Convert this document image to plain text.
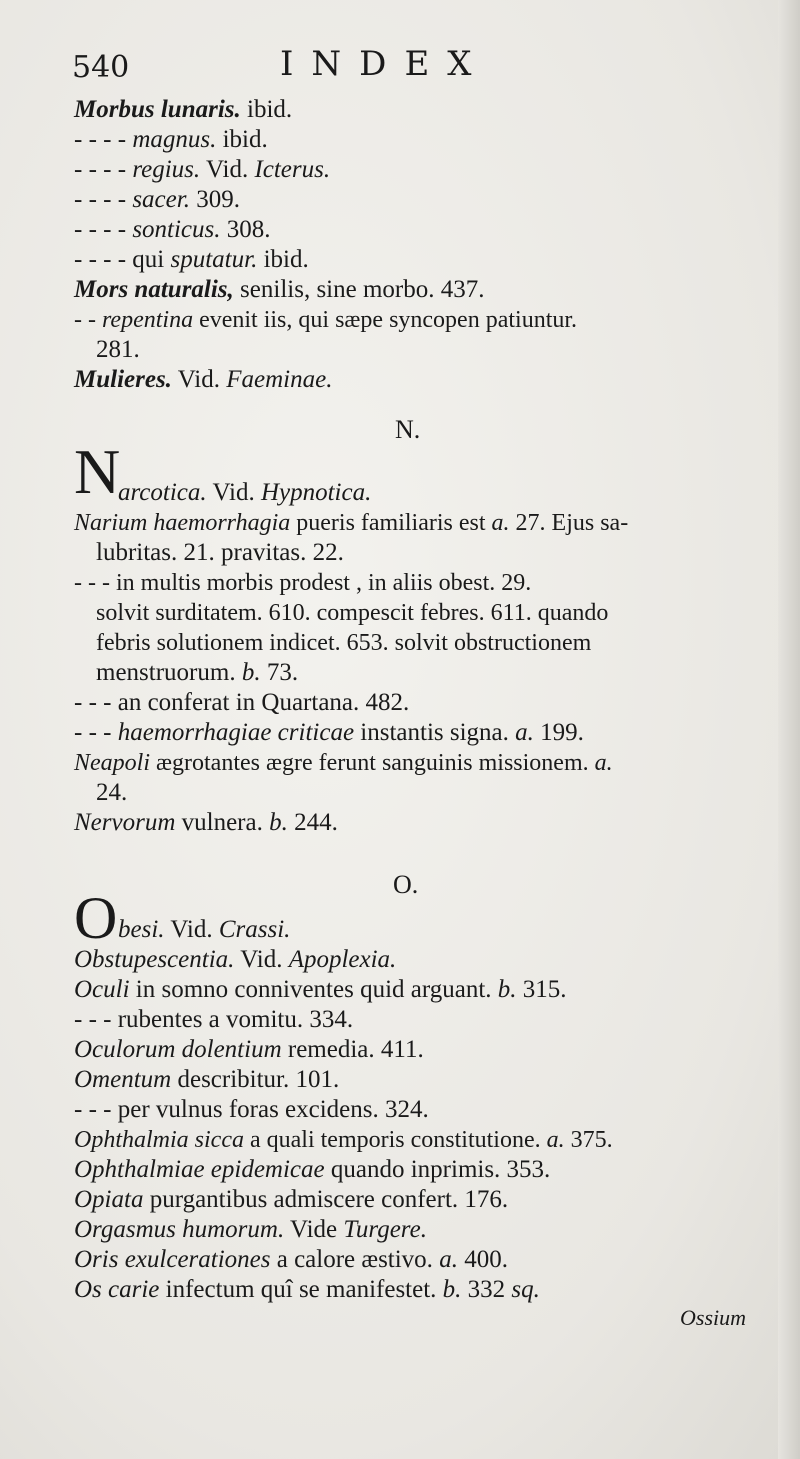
540	INDEX
Morbus lunaris. ibid.
- - - - magnus. ibid.
- - - - regius. Vid. Icterus.
- - - - sacer. 309.
- - - - sonticus. 308.
- - - - qui sputatur. ibid.
Mors naturalis, senilis, sine morbo. 437.
- - repentina evenit iis, qui sæpe syncopen patiuntur.
281.
Mulieres. Vid. Faeminae.
N.
N
arcotica. Vid. Hypnotica.
Narium haemorrhagia pueris familiaris est a. 27. Ejus sa-
lubritas. 21. pravitas. 22.
- - - in multis morbis prodest , in aliis obest. 29.
solvit surditatem. 610. compescit febres. 611. quando
febris solutionem indicet. 653. solvit obstructionem
menstruorum. b. 73.
- - - an conferat in Quartana. 482.
- - - haemorrhagiae criticae instantis signa. a. 199.
Neapoli ægrotantes ægre ferunt sanguinis missionem. a.
24.
Nervorum vulnera. b. 244.
O.
O besi. Vid. Crassi.
Obstupescentia. Vid. Apoplexia.
Oculi in somno conniventes quid arguant. b. 315.
- - - rubentes a vomitu. 334.
Oculorum dolentium remedia. 411.
Omentum describitur. 101.
- - - per vulnus foras excidens. 324.
Ophthalmia sicca a quali temporis constitutione. a. 375.
Ophthalmiae epidemicae quando inprimis. 353.
Opiata purgantibus admiscere confert. 176.
Orgasmus humorum. Vide Turgere.
Oris exulcerationes a calore æstivo. a. 400.
Os carie infectum quî se manifestet. b. 332 sq.
Ossium
